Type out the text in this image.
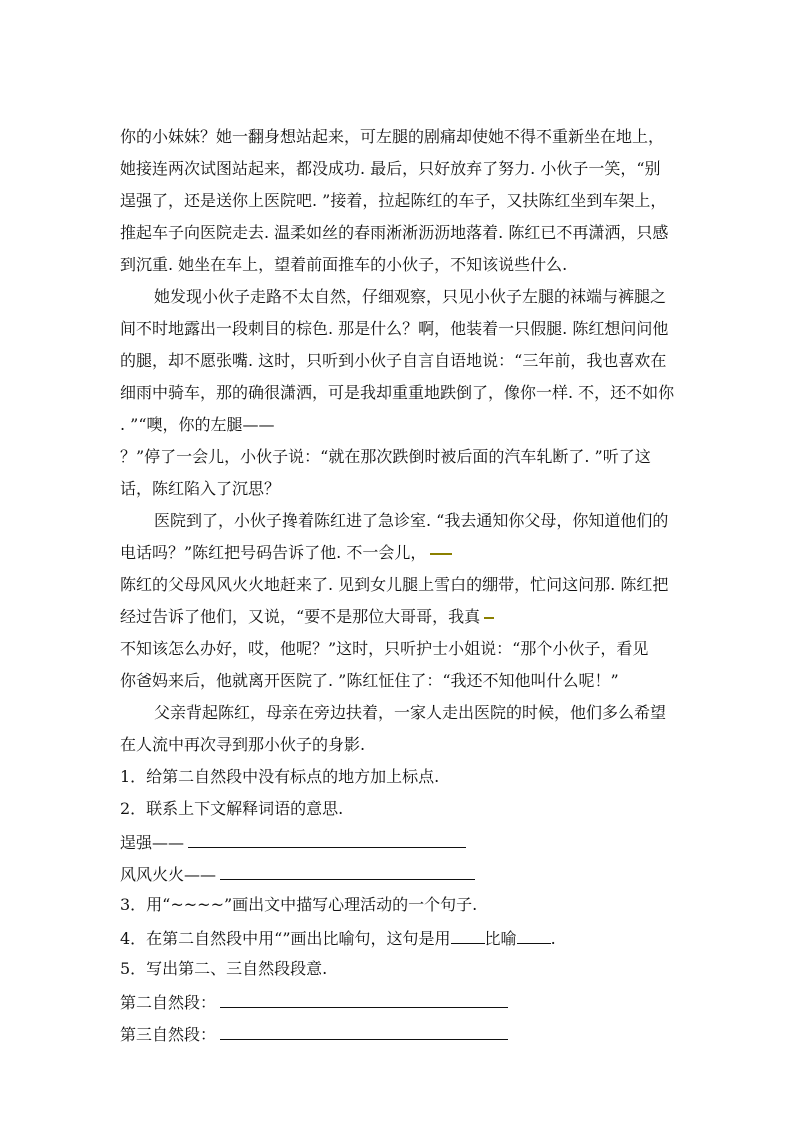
你的小妹妹？她一翻身想站起来，可左腿的剧痛却使她不得不重新坐在地上，
她接连两次试图站起来，都没成功. 最后，只好放弃了努力. 小伙子一笑，“别
逞强了，还是送你上医院吧. ”接着，拉起陈红的车子，又扶陈红坐到车架上，
推起车子向医院走去. 温柔如丝的春雨淅淅沥沥地落着. 陈红已不再潇洒，只感
到沉重. 她坐在车上，望着前面推车的小伙子，不知该说些什么.
她发现小伙子走路不太自然，仔细观察，只见小伙子左腿的袜端与裤腿之
间不时地露出一段刺目的棕色. 那是什么？啊，他装着一只假腿. 陈红想问问他
的腿，却不愿张嘴. 这时，只听到小伙子自言自语地说：“三年前，我也喜欢在
细雨中骑车，那的确很潇洒，可是我却重重地跌倒了，像你一样. 不，还不如你
. ”“噢，你的左腿——
？”停了一会儿，小伙子说：“就在那次跌倒时被后面的汽车轧断了. ”听了这
话，陈红陷入了沉思？
医院到了，小伙子搀着陈红进了急诊室. “我去通知你父母，你知道他们的
电话吗？”陈红把号码告诉了他. 不一会儿，
陈红的父母风风火火地赶来了. 见到女儿腿上雪白的绷带，忙问这问那. 陈红把
经过告诉了他们，又说，“要不是那位大哥哥，我真
不知该怎么办好，哎，他呢？”这时，只听护士小姐说：“那个小伙子，看见
你爸妈来后，他就离开医院了. ”陈红怔住了：“我还不知他叫什么呢！”
父亲背起陈红，母亲在旁边扶着，一家人走出医院的时候，他们多么希望
在人流中再次寻到那小伙子的身影.
1．给第二自然段中没有标点的地方加上标点.
2．联系上下文解释词语的意思.
逞强——
风风火火——
3．用“~~~~”画出文中描写心理活动的一个句子.
4．在第二自然段中用“”画出比喻句，这句是用 比喻 .
5．写出第二、三自然段段意.
第二自然段：
第三自然段：
